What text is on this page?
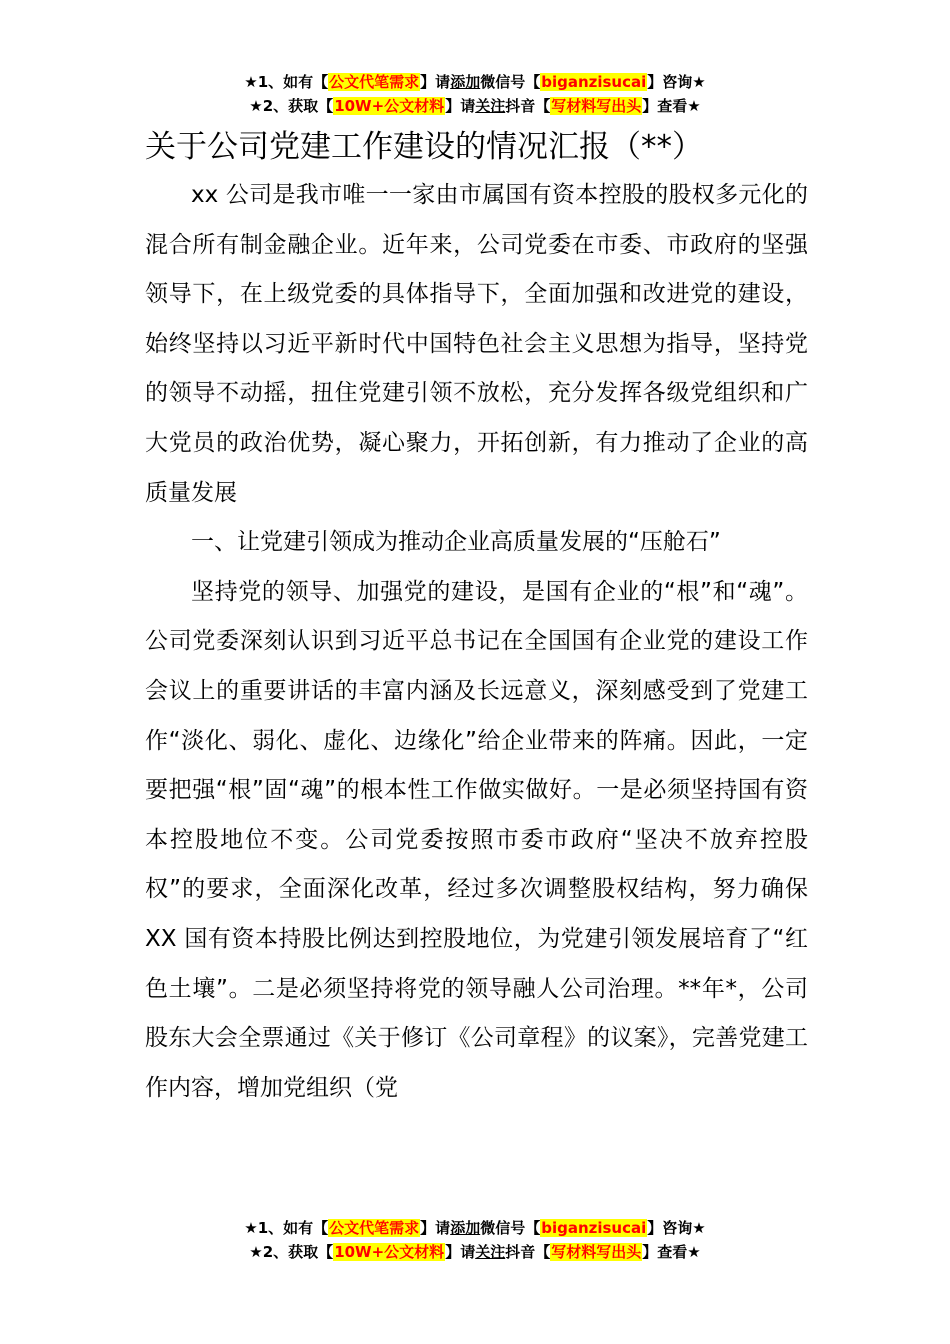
★1、如有【公文代笔需求】请添加微信号【biganzisucai】咨询★
★2、获取【10W+公文材料】请关注抖音【写材料写出头】查看★
关于公司党建工作建设的情况汇报（**）

xx 公司是我市唯一一家由市属国有资本控股的股权多元化的混合所有制金融企业。近年来，公司党委在市委、市政府的坚强领导下，在上级党委的具体指导下，全面加强和改进党的建设，始终坚持以习近平新时代中国特色社会主义思想为指导，坚持党的领导不动摇，扭住党建引领不放松，充分发挥各级党组织和广大党员的政治优势，凝心聚力，开拓创新，有力推动了企业的高质量发展

一、让党建引领成为推动企业高质量发展的“压舱石”

坚持党的领导、加强党的建设，是国有企业的“根”和“魂”。公司党委深刻认识到习近平总书记在全国国有企业党的建设工作会议上的重要讲话的丰富内涵及长远意义，深刻感受到了党建工作“淡化、弱化、虚化、边缘化”给企业带来的阵痛。因此，一定要把强“根”固“魂”的根本性工作做实做好。一是必须坚持国有资本控股地位不变。公司党委按照市委市政府“坚决不放弃控股权”的要求，全面深化改革，经过多次调整股权结构，努力确保 XX 国有资本持股比例达到控股地位，为党建引领发展培育了“红色土壤”。二是必须坚持将党的领导融人公司治理。**年*，公司股东大会全票通过《关于修订《公司章程》的议案》，完善党建工作内容，增加党组织（党

★1、如有【公文代笔需求】请添加微信号【biganzisucai】咨询★
★2、获取【10W+公文材料】请关注抖音【写材料写出头】查看★
